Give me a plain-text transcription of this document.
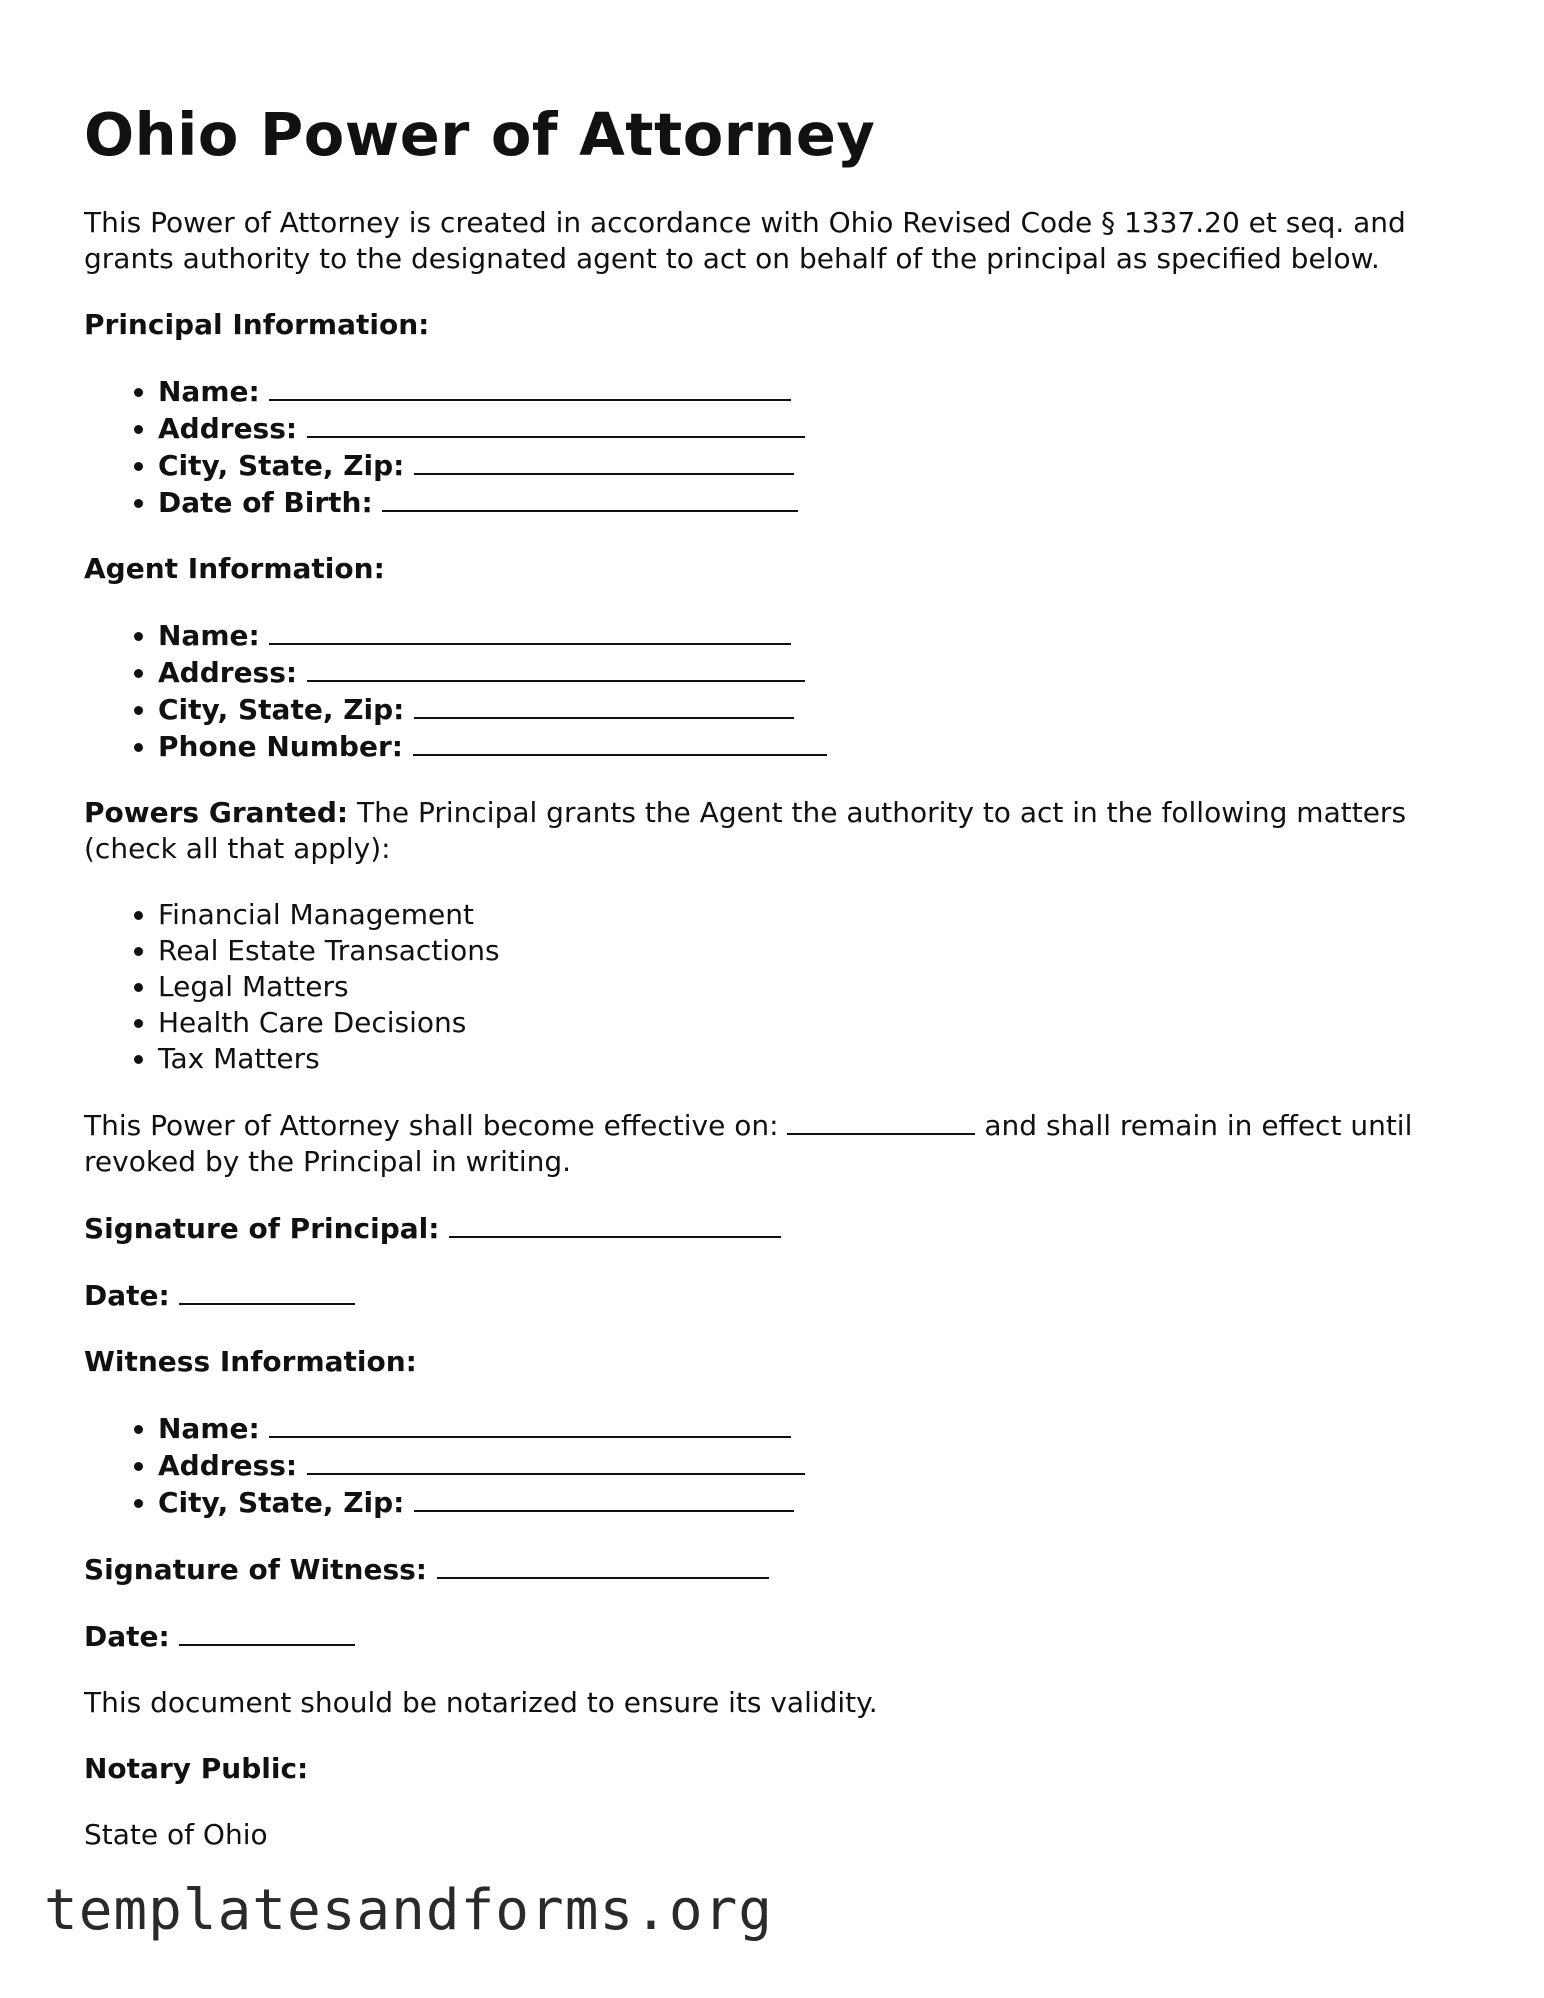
Ohio Power of Attorney

This Power of Attorney is created in accordance with Ohio Revised Code § 1337.20 et seq. and grants authority to the designated agent to act on behalf of the principal as specified below.

Principal Information:

• Name:
• Address:
• City, State, Zip:
• Date of Birth:

Agent Information:

• Name:
• Address:
• City, State, Zip:
• Phone Number:

Powers Granted: The Principal grants the Agent the authority to act in the following matters (check all that apply):

• Financial Management
• Real Estate Transactions
• Legal Matters
• Health Care Decisions
• Tax Matters

This Power of Attorney shall become effective on:	and shall remain in effect until revoked by the Principal in writing.

Signature of Principal:

Date:

Witness Information:

• Name:
• Address:
• City, State, Zip:

Signature of Witness:

Date:

This document should be notarized to ensure its validity.

Notary Public:

State of Ohio

templatesandforms.org
